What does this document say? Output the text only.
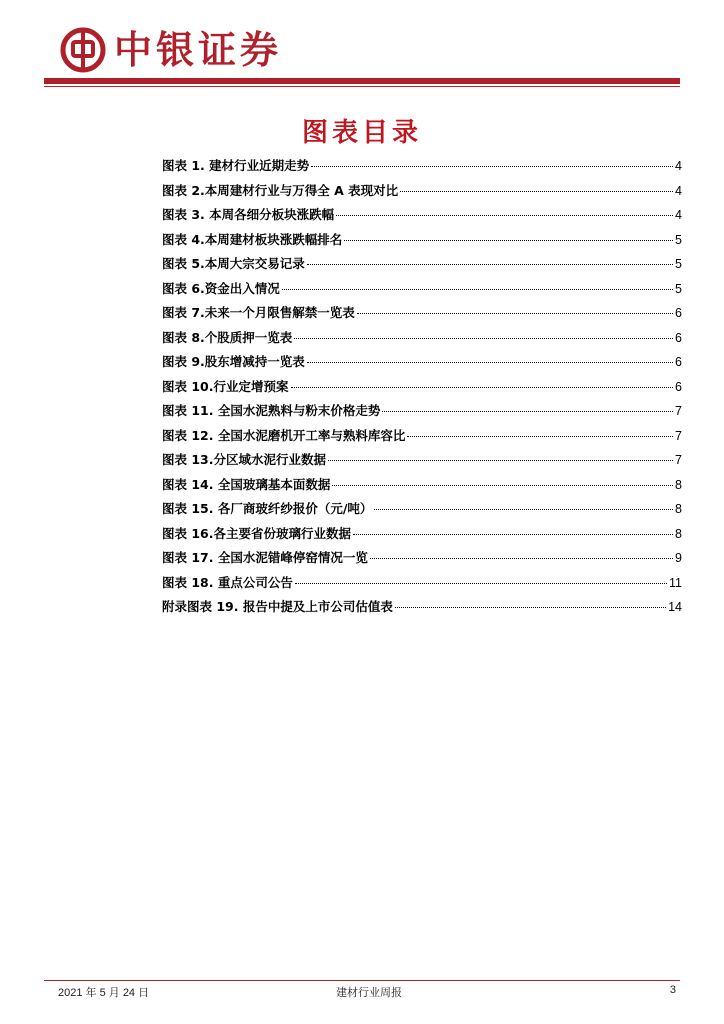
中银证券
图表目录
图表 1. 建材行业近期走势	4
图表 2.本周建材行业与万得全 A 表现对比	4
图表 3. 本周各细分板块涨跌幅	4
图表 4.本周建材板块涨跌幅排名	5
图表 5.本周大宗交易记录	5
图表 6.资金出入情况	5
图表 7.未来一个月限售解禁一览表	6
图表 8.个股质押一览表	6
图表 9.股东增减持一览表	6
图表 10.行业定增预案	6
图表 11. 全国水泥熟料与粉末价格走势	7
图表 12. 全国水泥磨机开工率与熟料库容比	7
图表 13.分区域水泥行业数据	7
图表 14. 全国玻璃基本面数据	8
图表 15. 各厂商玻纤纱报价（元/吨）	8
图表 16.各主要省份玻璃行业数据	8
图表 17. 全国水泥错峰停窑情况一览	9
图表 18. 重点公司公告	11
附录图表 19. 报告中提及上市公司估值表	14
2021 年 5 月 24 日	建材行业周报	3
